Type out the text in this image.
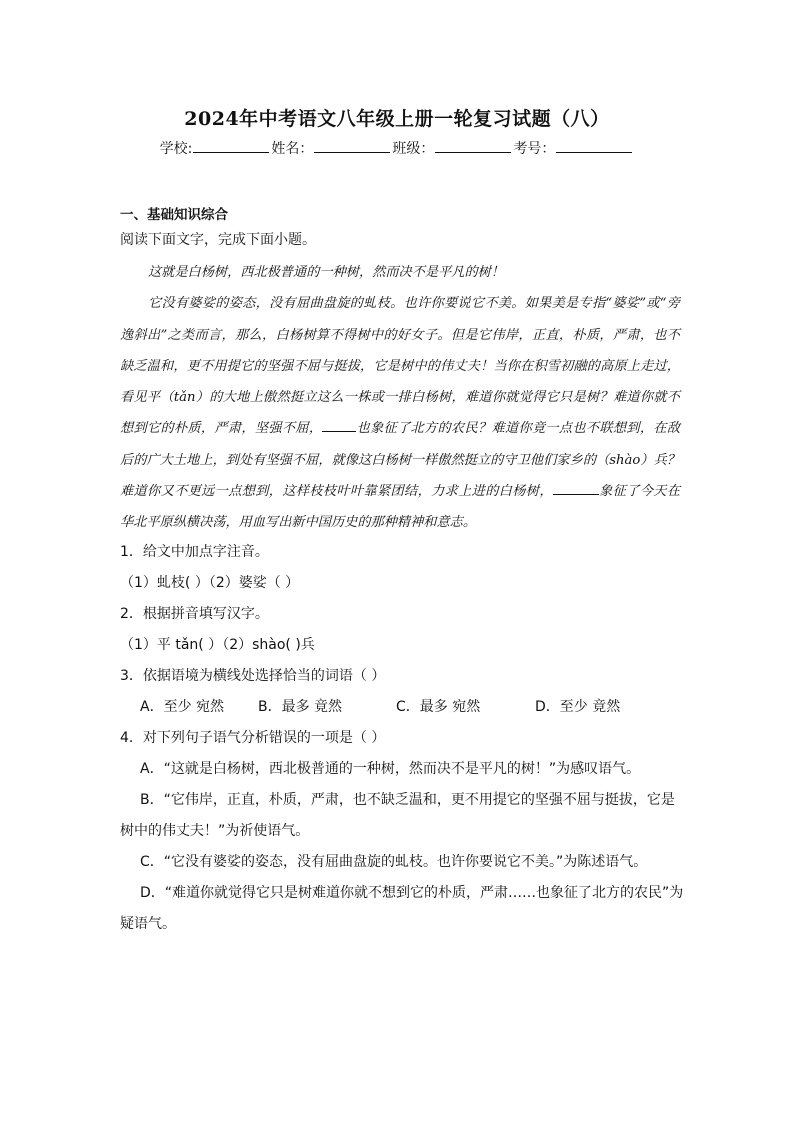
2024年中考语文八年级上册一轮复习试题（八）
学校:	姓名：	班级：	考号：
一、基础知识综合
阅读下面文字，完成下面小题。

这就是白杨树，西北极普通的一种树，然而决不是平凡的树！

它没有婆娑的姿态，没有屈曲盘旋的虬枝。也许你要说它不美。如果美是专指“婆娑”或“旁逸斜出”之类而言，那么，白杨树算不得树中的好女子。但是它伟岸，正直，朴质，严肃，也不缺乏温和，更不用提它的坚强不屈与挺拔，它是树中的伟丈夫！当你在积雪初融的高原上走过，看见平（tǎn）的大地上傲然挺立这么一株或一排白杨树，难道你就觉得它只是树？难道你就不想到它的朴质，严肃，坚强不屈，	也象征了北方的农民？难道你竟一点也不联想到，在敌后的广大土地上，到处有坚强不屈，就像这白杨树一样傲然挺立的守卫他们家乡的（shào）兵？难道你又不更远一点想到，这样枝枝叶叶靠紧团结，力求上进的白杨树，	象征了今天在华北平原纵横决荡，用血写出新中国历史的那种精神和意志。

1．给文中加点字注音。
（1）虬枝( ）（2）婆娑（ ）
2．根据拼音填写汉字。
（1）平 tǎn( ）（2）shào( )兵
3．依据语境为横线处选择恰当的词语（ ）
A．至少 宛然 B．最多 竟然	C．最多 宛然	D．至少 竟然
4．对下列句子语气分析错误的一项是（ ）
A．“这就是白杨树，西北极普通的一种树，然而决不是平凡的树！”为感叹语气。
B．“它伟岸，正直，朴质，严肃，也不缺乏温和，更不用提它的坚强不屈与挺拔，它是
树中的伟丈夫！”为祈使语气。
C．“它没有婆娑的姿态，没有屈曲盘旋的虬枝。也许你要说它不美。”为陈述语气。
D．“难道你就觉得它只是树难道你就不想到它的朴质，严肃……也象征了北方的农民”为
疑语气。
